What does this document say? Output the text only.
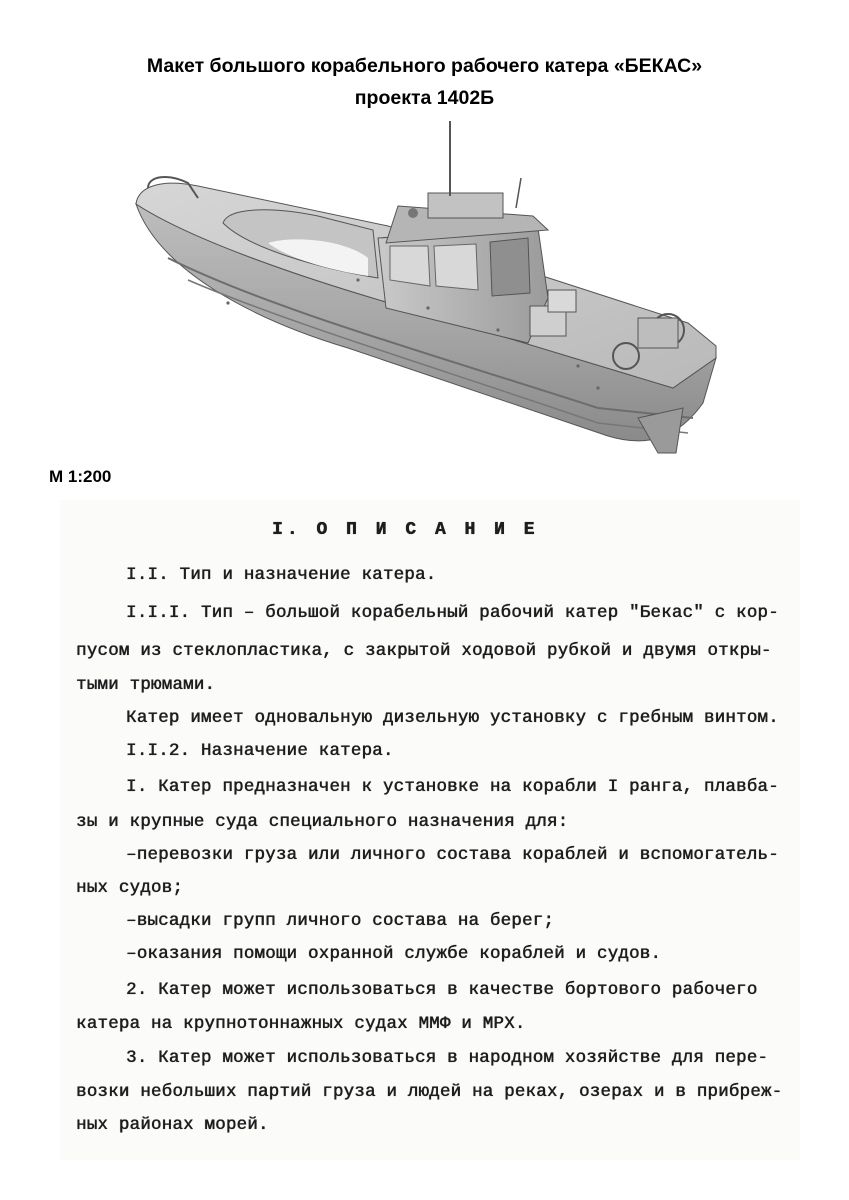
Макет большого корабельного рабочего катера «БЕКАС»
проекта 1402Б
М 1:200
I. О П И С А Н И Е
I.I. Тип и назначение катера.
I.I.I. Тип – большой корабельный рабочий катер "Бекас" с кор-
пусом из стеклопластика, с закрытой ходовой рубкой и двумя откры-
тыми трюмами.
Катер имеет одновальную дизельную установку с гребным винтом.
I.I.2. Назначение катера.
I. Катер предназначен к установке на корабли I ранга, плавба-
зы и крупные суда специального назначения для:
–перевозки груза или личного состава кораблей и вспомогатель-
ных судов;
–высадки групп личного состава на берег;
–оказания помощи охранной службе кораблей и судов.
2. Катер может использоваться в качестве бортового рабочего
катера на крупнотоннажных судах ММФ и МРХ.
3. Катер может использоваться в народном хозяйстве для пере-
возки небольших партий груза и людей на реках, озерах и в прибреж-
ных районах морей.
